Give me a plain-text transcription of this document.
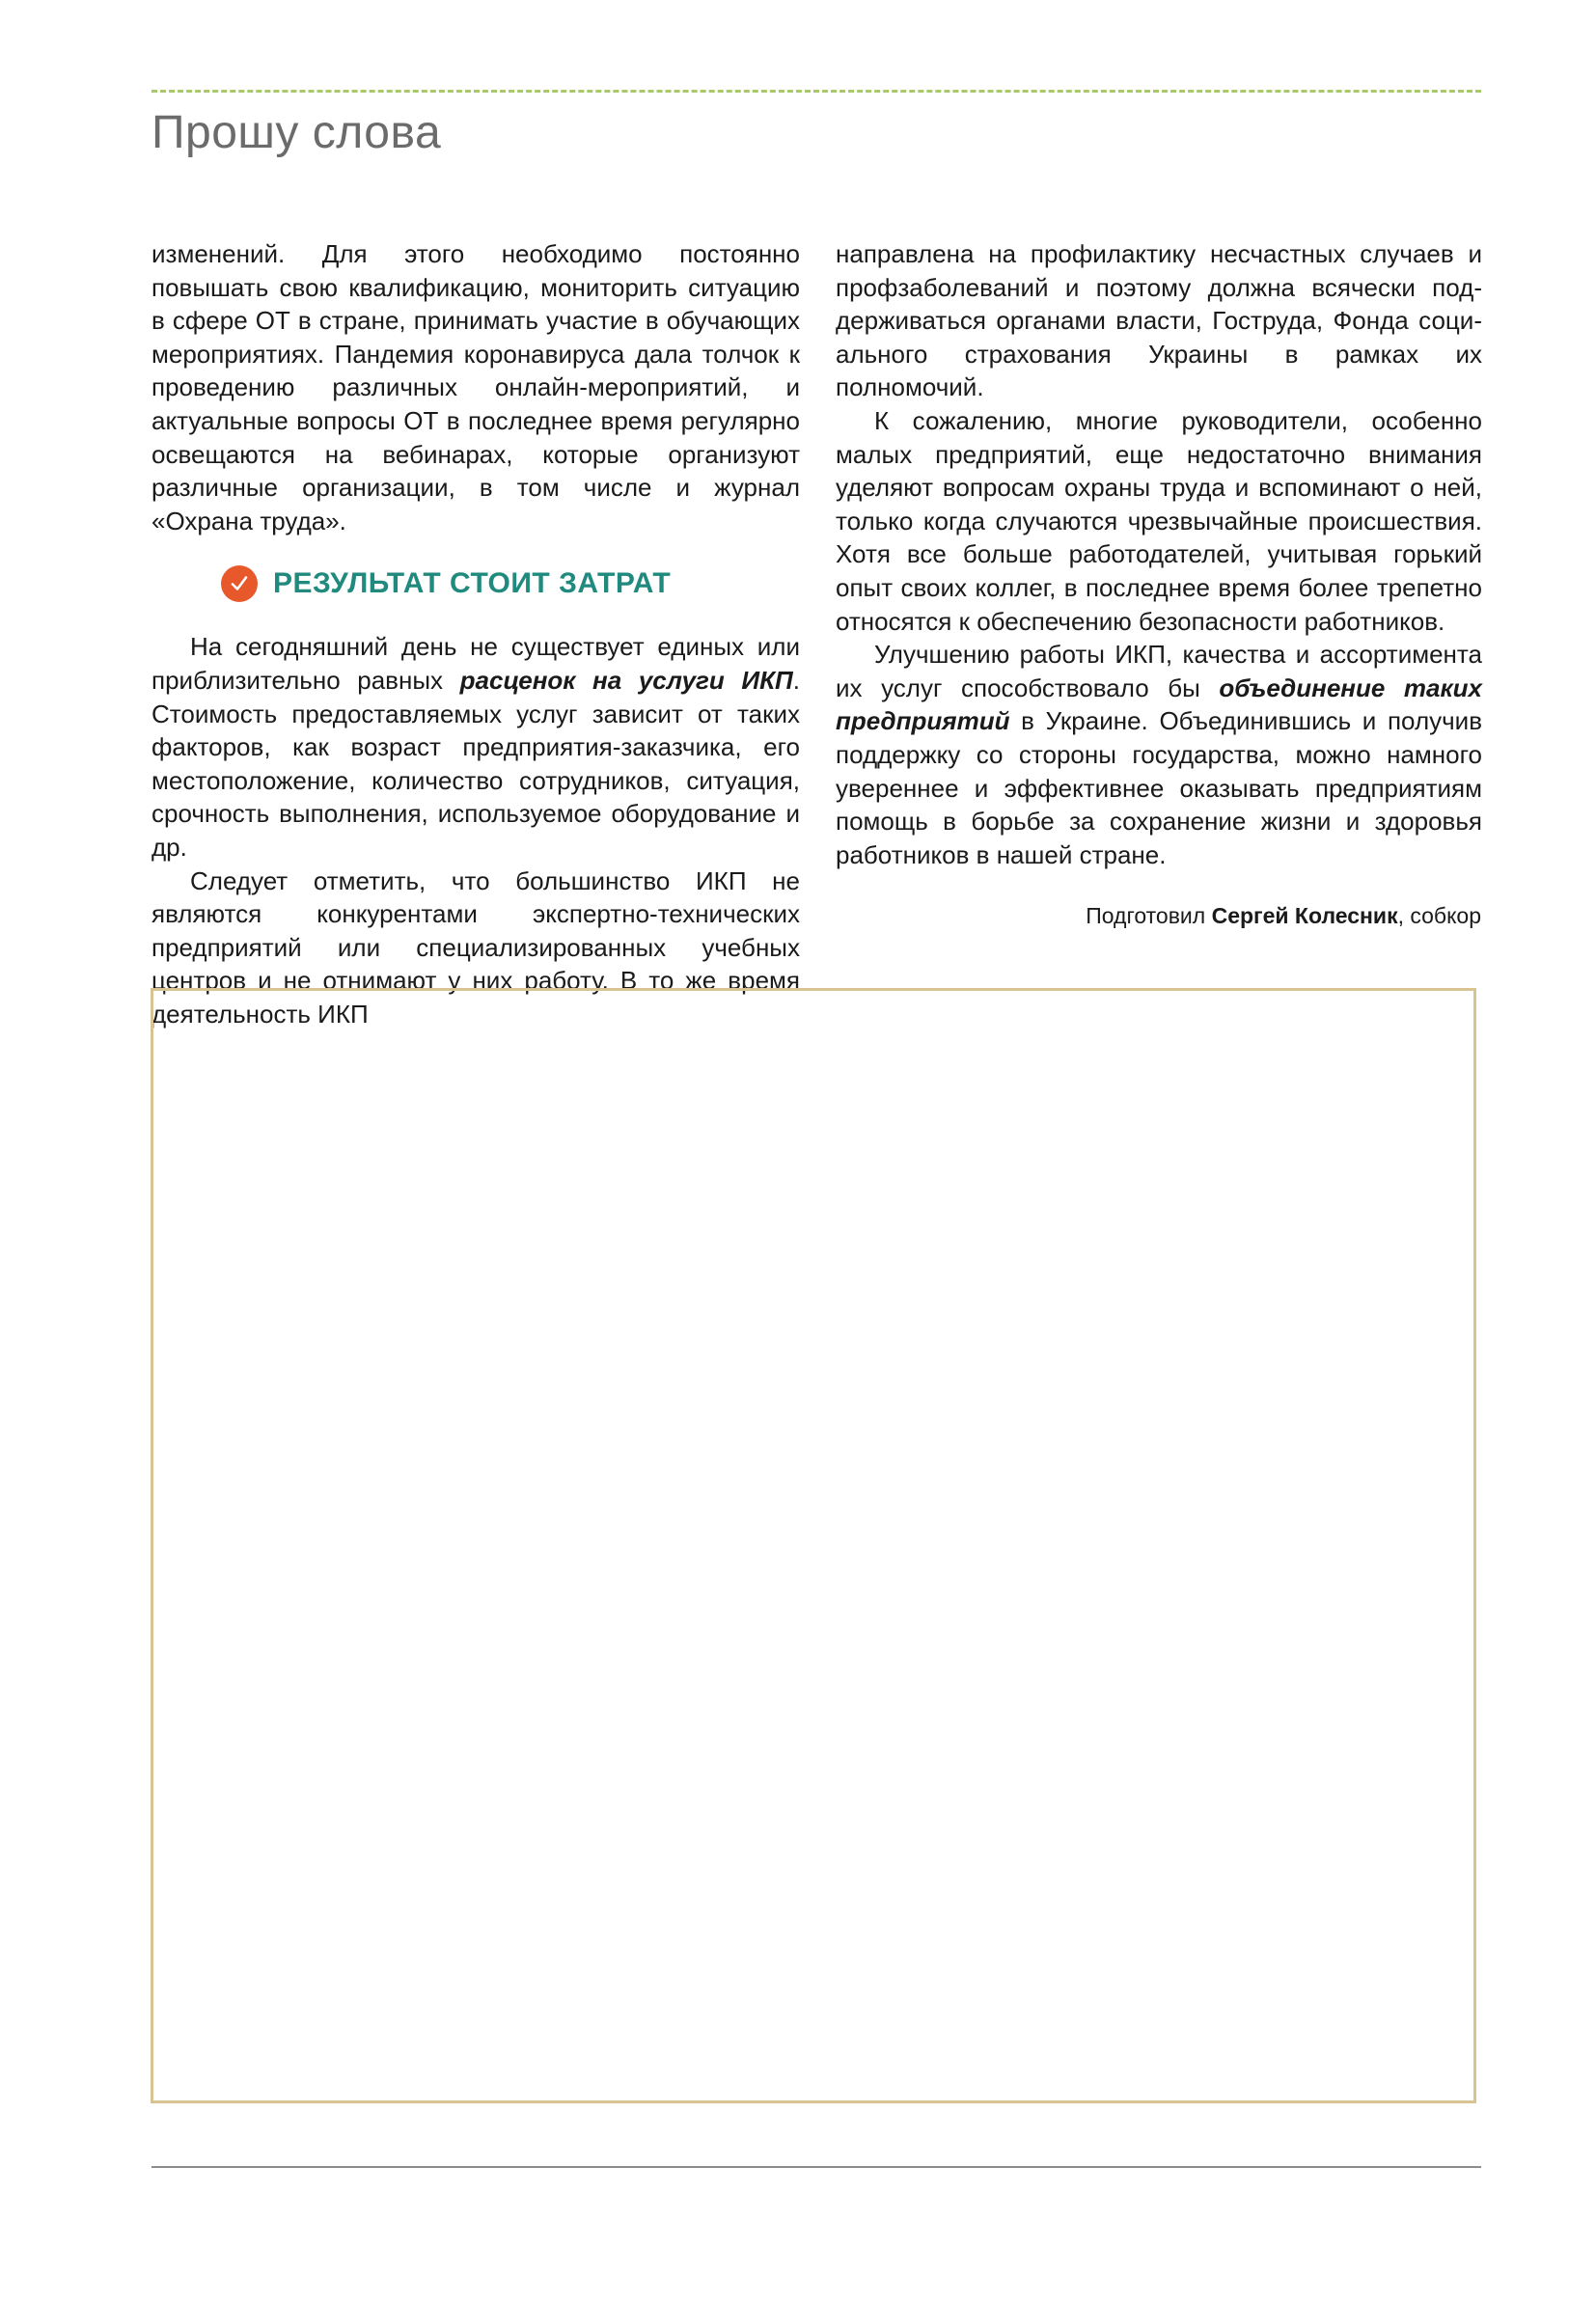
Прошу слова

изменений. Для этого необходимо постоянно повышать свою квалификацию, мониторить ситуацию в сфере ОТ в стране, принимать участие в обучающих мероприятиях. Пандемия коронавируса дала толчок к проведению различных онлайн-мероприятий, и актуальные вопросы ОТ в последнее время регулярно освещаются на вебинарах, которые организуют различные организации, в том числе и журнал «Охрана труда».

РЕЗУЛЬТАТ СТОИТ ЗАТРАТ

На сегодняшний день не существует единых или приблизительно равных расценок на услуги ИКП. Стоимость предоставляемых услуг зависит от таких факторов, как возраст предприятия-заказчика, его местоположение, количество сотрудников, ситуация, срочность выполнения, используемое оборудование и др.

Следует отметить, что большинство ИКП не являются конкурентами экспертно-технических предприятий или специализированных учебных центров и не отнимают у них работу. В то же время деятельность ИКП

направлена на профилактику несчастных случаев и профзаболеваний и поэтому должна всячески поддерживаться органами власти, Гоструда, Фонда социального страхования Украины в рамках их полномочий.

К сожалению, многие руководители, особенно малых предприятий, еще недостаточно внимания уделяют вопросам охраны труда и вспоминают о ней, только когда случаются чрезвычайные происшествия. Хотя все больше работодателей, учитывая горький опыт своих коллег, в последнее время более трепетно относятся к обеспечению безопасности работников.

Улучшению работы ИКП, качества и ассортимента их услуг способствовало бы объединение таких предприятий в Украине. Объединившись и получив поддержку со стороны государства, можно намного увереннее и эффективнее оказывать предприятиям помощь в борьбе за сохранение жизни и здоровья работников в нашей стране.

Подготовил Сергей Колесник, собкор
